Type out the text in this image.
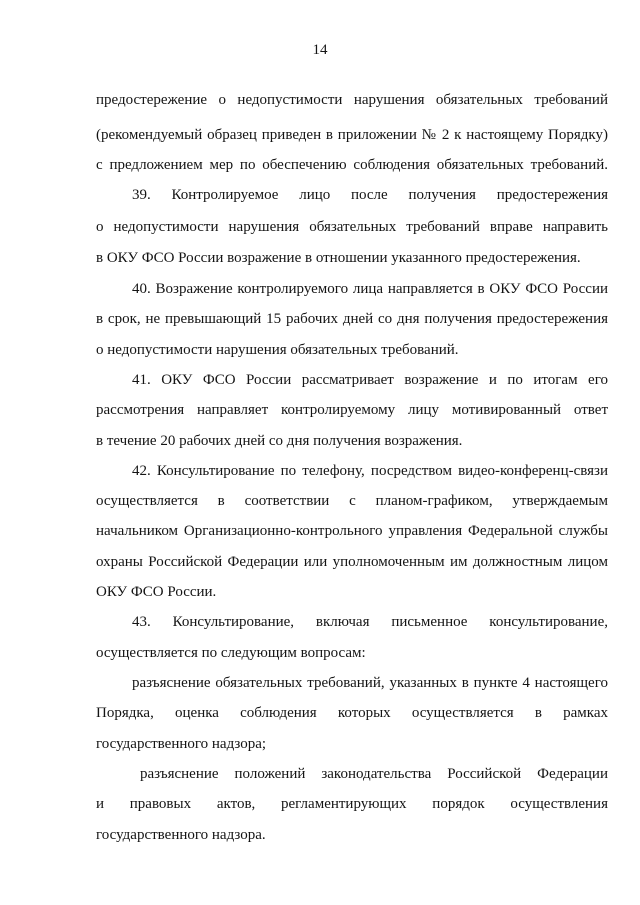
14
предостережение о недопустимости нарушения обязательных требований
(рекомендуемый образец приведен в приложении № 2 к настоящему Порядку)
с предложением мер по обеспечению соблюдения обязательных требований.
39. Контролируемое лицо после получения предостережения
о недопустимости нарушения обязательных требований вправе направить
в ОКУ ФСО России возражение в отношении указанного предостережения.
40. Возражение контролируемого лица направляется в ОКУ ФСО России
в срок, не превышающий 15 рабочих дней со дня получения предостережения
о недопустимости нарушения обязательных требований.
41. ОКУ ФСО России рассматривает возражение и по итогам его
рассмотрения направляет контролируемому лицу мотивированный ответ
в течение 20 рабочих дней со дня получения возражения.
42. Консультирование по телефону, посредством видео-конференц-связи
осуществляется в соответствии с планом-графиком, утверждаемым
начальником Организационно-контрольного управления Федеральной службы
охраны Российской Федерации или уполномоченным им должностным лицом
ОКУ ФСО России.
43. Консультирование, включая письменное консультирование,
осуществляется по следующим вопросам:
разъяснение обязательных требований, указанных в пункте 4 настоящего
Порядка, оценка соблюдения которых осуществляется в рамках
государственного надзора;
разъяснение положений законодательства Российской Федерации
и правовых актов, регламентирующих порядок осуществления
государственного надзора.
